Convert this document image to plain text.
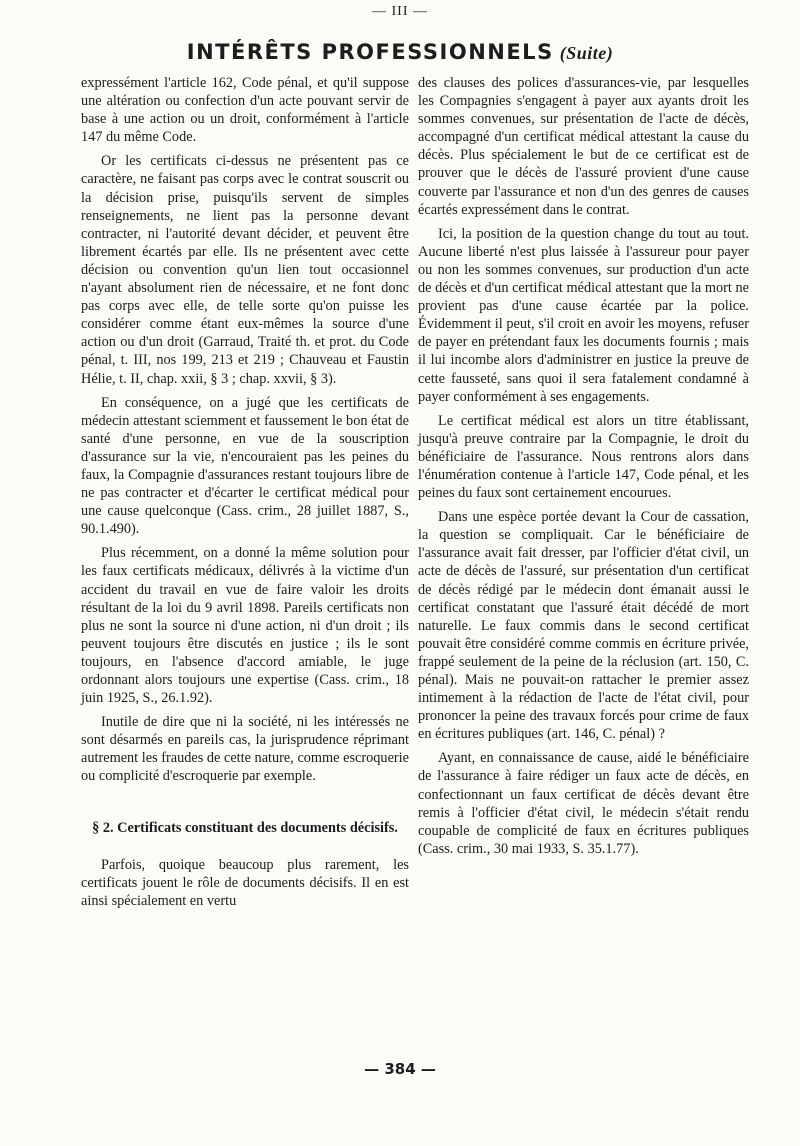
— III —
INTÉRÊTS PROFESSIONNELS (Suite)

expressément l'article 162, Code pénal, et qu'il suppose une altération ou confection d'un acte pouvant servir de base à une action ou un droit, conformément à l'article 147 du même Code.

Or les certificats ci-dessus ne présentent pas ce caractère, ne faisant pas corps avec le contrat souscrit ou la décision prise, puisqu'ils servent de simples renseignements, ne lient pas la personne devant contracter, ni l'autorité devant décider, et peuvent être librement écartés par elle. Ils ne présentent avec cette décision ou convention qu'un lien tout occasionnel n'ayant absolument rien de nécessaire, et ne font donc pas corps avec elle, de telle sorte qu'on puisse les considérer comme étant eux-mêmes la source d'une action ou d'un droit (Garraud, Traité th. et prot. du Code pénal, t. III, nos 199, 213 et 219 ; Chauveau et Faustin Hélie, t. II, chap. xxii, § 3 ; chap. xxvii, § 3).

En conséquence, on a jugé que les certificats de médecin attestant sciemment et faussement le bon état de santé d'une personne, en vue de la souscription d'assurance sur la vie, n'encouraient pas les peines du faux, la Compagnie d'assurances restant toujours libre de ne pas contracter et d'écarter le certificat médical pour une cause quelconque (Cass. crim., 28 juillet 1887, S., 90.1.490).

Plus récemment, on a donné la même solution pour les faux certificats médicaux, délivrés à la victime d'un accident du travail en vue de faire valoir les droits résultant de la loi du 9 avril 1898. Pareils certificats non plus ne sont la source ni d'une action, ni d'un droit ; ils peuvent toujours être discutés en justice ; ils le sont toujours, en l'absence d'accord amiable, le juge ordonnant alors toujours une expertise (Cass. crim., 18 juin 1925, S., 26.1.92).

Inutile de dire que ni la société, ni les intéressés ne sont désarmés en pareils cas, la jurisprudence réprimant autrement les fraudes de cette nature, comme escroquerie ou complicité d'escroquerie par exemple.

§ 2. Certificats constituant des documents décisifs.

Parfois, quoique beaucoup plus rarement, les certificats jouent le rôle de documents décisifs. Il en est ainsi spécialement en vertu

des clauses des polices d'assurances-vie, par lesquelles les Compagnies s'engagent à payer aux ayants droit les sommes convenues, sur présentation de l'acte de décès, accompagné d'un certificat médical attestant la cause du décès. Plus spécialement le but de ce certificat est de prouver que le décès de l'assuré provient d'une cause couverte par l'assurance et non d'un des genres de causes écartés expressément dans le contrat.

Ici, la position de la question change du tout au tout. Aucune liberté n'est plus laissée à l'assureur pour payer ou non les sommes convenues, sur production d'un acte de décès et d'un certificat médical attestant que la mort ne provient pas d'une cause écartée par la police. Évidemment il peut, s'il croit en avoir les moyens, refuser de payer en prétendant faux les documents fournis ; mais il lui incombe alors d'administrer en justice la preuve de cette fausseté, sans quoi il sera fatalement condamné à payer conformément à ses engagements.

Le certificat médical est alors un titre établissant, jusqu'à preuve contraire par la Compagnie, le droit du bénéficiaire de l'assurance. Nous rentrons alors dans l'énumération contenue à l'article 147, Code pénal, et les peines du faux sont certainement encourues.

Dans une espèce portée devant la Cour de cassation, la question se compliquait. Car le bénéficiaire de l'assurance avait fait dresser, par l'officier d'état civil, un acte de décès de l'assuré, sur présentation d'un certificat de décès rédigé par le médecin dont émanait aussi le certificat constatant que l'assuré était décédé de mort naturelle. Le faux commis dans le second certificat pouvait être considéré comme commis en écriture privée, frappé seulement de la peine de la réclusion (art. 150, C. pénal). Mais ne pouvait-on rattacher le premier assez intimement à la rédaction de l'acte de l'état civil, pour prononcer la peine des travaux forcés pour crime de faux en écritures publiques (art. 146, C. pénal) ?

Ayant, en connaissance de cause, aidé le bénéficiaire de l'assurance à faire rédiger un faux acte de décès, en confectionnant un faux certificat de décès devant être remis à l'officier d'état civil, le médecin s'était rendu coupable de complicité de faux en écritures publiques (Cass. crim., 30 mai 1933, S. 35.1.77).

— 384 —
